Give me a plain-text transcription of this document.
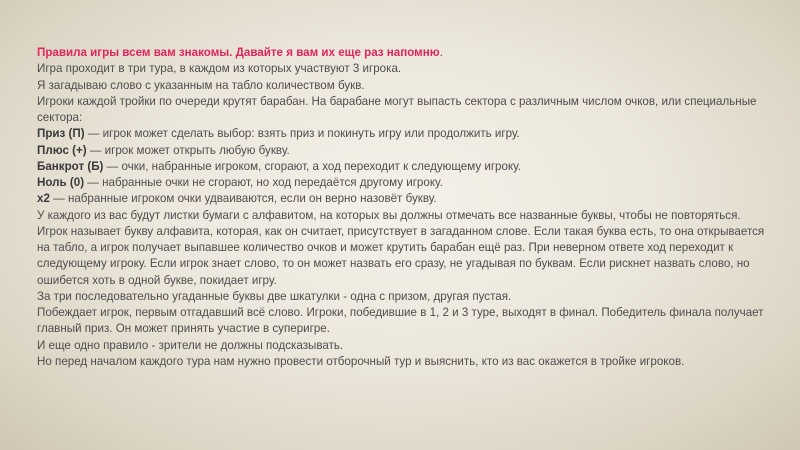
Правила игры всем вам знакомы. Давайте я вам их еще раз напомню.

Игра проходит в три тура, в каждом из которых участвуют 3 игрока.

Я загадываю слово с указанным на табло количеством букв.

Игроки каждой тройки по очереди крутят барабан. На барабане могут выпасть сектора с различным числом очков, или специальные сектора:

Приз (П) — игрок может сделать выбор: взять приз и покинуть игру или продолжить игру.

Плюс (+) — игрок может открыть любую букву.

Банкрот (Б) — очки, набранные игроком, сгорают, а ход переходит к следующему игроку.

Ноль (0) — набранные очки не сгорают, но ход передаётся другому игроку.

х2 — набранные игроком очки удваиваются, если он верно назовёт букву.

У каждого из вас будут листки бумаги с алфавитом, на которых вы должны отмечать все названные буквы, чтобы не повторяться.

Игрок называет букву алфавита, которая, как он считает, присутствует в загаданном слове. Если такая буква есть, то она открывается на табло, а игрок получает выпавшее количество очков и может крутить барабан ещё раз. При неверном ответе ход переходит к следующему игроку. Если игрок знает слово, то он может назвать его сразу, не угадывая по буквам. Если рискнет назвать слово, но ошибется хоть в одной букве, покидает игру.

За три последовательно угаданные буквы две шкатулки - одна с призом, другая пустая.

Побеждает игрок, первым отгадавший всё слово. Игроки, победившие в 1, 2 и 3 туре, выходят в финал. Победитель финала получает главный приз. Он может принять участие в суперигре.

И еще одно правило - зрители не должны подсказывать.

Но перед началом каждого тура нам нужно провести отборочный тур и выяснить, кто из вас окажется в тройке игроков.
